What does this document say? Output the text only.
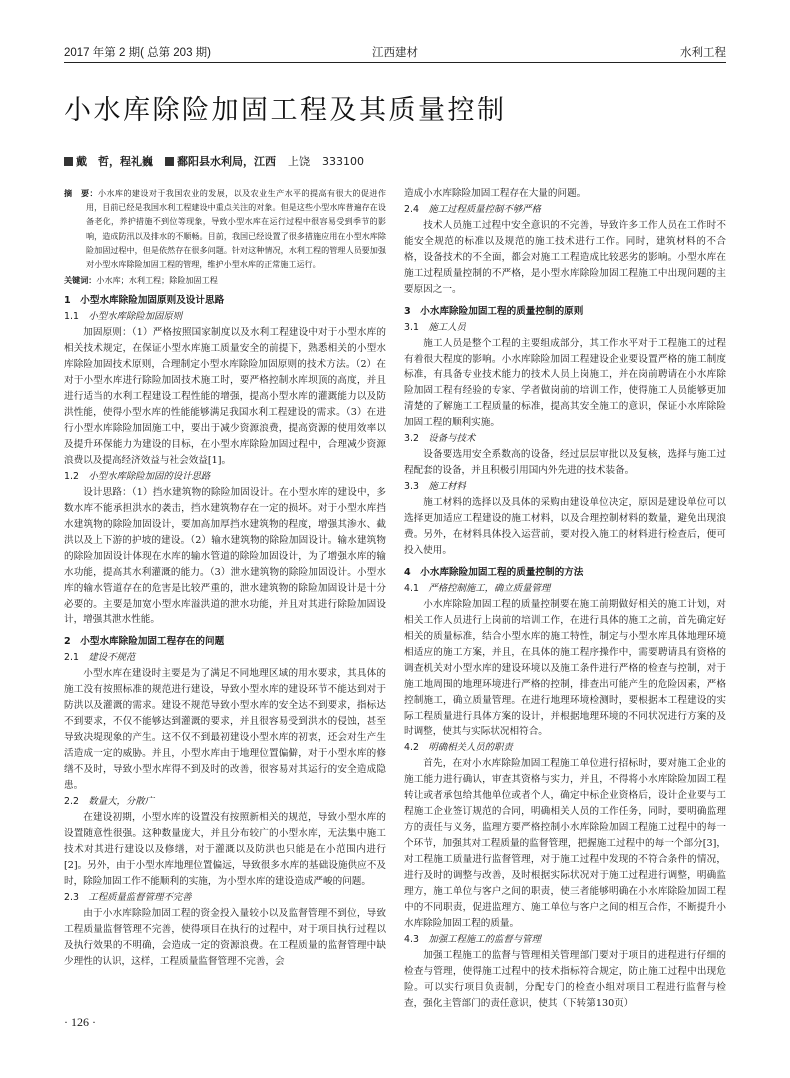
2017 年第 2 期( 总第 203 期)	江西建材	水利工程
小水库除险加固工程及其质量控制
戴　哲，程礼巍 鄱阳县水利局，江西 上饶 333100
摘　要：小水库的建设对于我国农业的发展，以及农业生产水平的提高有很大的促进作用，目前已经是我国水利工程建设中重点关注的对象。但是这些小型水库普遍存在设备老化，养护措施不到位等现象，导致小型水库在运行过程中很容易受到季节的影响，造成防汛以及排水的不顺畅。目前，我国已经设置了很多措施应用在小型水库除险加固过程中，但是依然存在很多问题。针对这种情况，水利工程的管理人员要加强对小型水库除险加固工程的管理，维护小型水库的正常施工运行。
关键词：小水库；水利工程；除险加固工程
1　小型水库除险加固原则及设计思路
1.1　 小型水库除险加固原则

加固原则：（1）严格按照国家制度以及水利工程建设中对于小型水库的相关技术规定，在保证小型水库施工质量安全的前提下，熟悉相关的小型水库除险加固技术原则，合理制定小型水库除险加固原则的技术方法。（2）在对于小型水库进行除险加固技术施工时，要严格控制水库坝顶的高度，并且进行适当的水利工程建设工程性能的增强，提高小型水库的灌溉能力以及防洪性能，使得小型水库的性能能够满足我国水利工程建设的需求。（3）在进行小型水库除险加固施工中，要出于减少资源浪费，提高资源的使用效率以及提升环保能力为建设的目标，在小型水库除险加固过程中，合理减少资源浪费以及提高经济效益与社会效益[1]。

1.2　 小型水库除险加固的设计思路

设计思路：（1）挡水建筑物的除险加固设计。在小型水库的建设中，多数水库不能承担洪水的袭击，挡水建筑物存在一定的损坏。对于小型水库挡水建筑物的除险加固设计，要加高加厚挡水建筑物的程度，增强其渗水、截洪以及上下游的护坡的建设。（2）输水建筑物的除险加固设计。输水建筑物的除险加固设计体现在水库的输水管道的除险加固设计，为了增强水库的输水功能，提高其水利灌溉的能力。（3）泄水建筑物的除险加固设计。小型水库的输水管道存在的危害是比较严重的，泄水建筑物的除险加固设计是十分必要的。主要是加宽小型水库溢洪道的泄水功能，并且对其进行除险加固设计，增强其泄水性能。

2　小型水库除险加固工程存在的问题
2.1　 建设不规范

小型水库在建设时主要是为了满足不同地理区域的用水要求，其具体的施工没有按照标准的规范进行建设，导致小型水库的建设环节不能达到对于防洪以及灌溉的需求。建设不规范导致小型水库的安全达不到要求，指标达不到要求，不仅不能够达到灌溉的要求，并且很容易受到洪水的侵蚀，甚至导致决堤现象的产生。这不仅不到最初建设小型水库的初衷，还会对生产生活造成一定的威胁。并且，小型水库由于地理位置偏僻，对于小型水库的修缮不及时，导致小型水库得不到及时的改善，很容易对其运行的安全造成隐患。

2.2　 数量大，分散广

在建设初期，小型水库的设置没有按照新相关的规范，导致小型水库的设置随意性很强。这种数量庞大，并且分布较广的小型水库，无法集中施工技术对其进行建设以及修缮，对于灌溉以及防洪也只能是在小范围内进行[2]。另外，由于小型水库地理位置偏远，导致很多水库的基础设施供应不及时，除险加固工作不能顺利的实施，为小型水库的建设造成严峻的问题。

2.3　 工程质量监督管理不完善

由于小水库除险加固工程的资金投入量较小以及监督管理不到位，导致工程质量监督管理不完善，使得项目在执行的过程中，对于项目执行过程以及执行效果的不明确，会造成一定的资源浪费。在工程质量的监督管理中缺少理性的认识，这样，工程质量监督管理不完善，会

造成小水库除险加固工程存在大量的问题。

2.4　 施工过程质量控制不够严格

技术人员施工过程中安全意识的不完善，导致许多工作人员在工作时不能安全规范的标准以及规范的施工技术进行工作。同时，建筑材料的不合格，设备技术的不全面，都会对施工工程造成比较恶劣的影响。小型水库在施工过程质量控制的不严格，是小型水库除险加固工程施工中出现问题的主要原因之一。

3　小水库除险加固工程的质量控制的原则
3.1　 施工人员

施工人员是整个工程的主要组成部分，其工作水平对于工程施工的过程有着很大程度的影响。小水库除险加固工程建设企业要设置严格的施工制度标准，有具备专业技术能力的技术人员上岗施工，并在岗前聘请在小水库除险加固工程有经验的专家、学者做岗前的培训工作，使得施工人员能够更加清楚的了解施工工程质量的标准，提高其安全施工的意识，保证小水库除险加固工程的顺利实施。

3.2　 设备与技术

设备要选用安全系数高的设备，经过层层审批以及复核，选择与施工过程配套的设备，并且积极引用国内外先进的技术装备。

3.3　 施工材料

施工材料的选择以及具体的采购由建设单位决定，原因是建设单位可以选择更加适应工程建设的施工材料，以及合理控制材料的数量，避免出现浪费。另外，在材料具体投入运营前，要对投入施工的材料进行检查后，便可投入使用。

4　小水库除险加固工程的质量控制的方法
4.1　 严格控制施工，确立质量管理

小水库除险加固工程的质量控制要在施工前期做好相关的施工计划，对相关工作人员进行上岗前的培训工作，在进行具体的施工之前，首先确定好相关的质量标准，结合小型水库的施工特性，制定与小型水库具体地理环境相适应的施工方案，并且，在具体的施工程序操作中，需要聘请具有资格的调查机关对小型水库的建设环境以及施工条件进行严格的检查与控制，对于施工地周围的地理环境进行严格的控制，排查出可能产生的危险因素，严格控制施工，确立质量管理。在进行地理环境检测时，要根据本工程建设的实际工程质量进行具体方案的设计，并根据地理环境的不同状况进行方案的及时调整，使其与实际状况相符合。

4.2　 明确相关人员的职责

首先，在对小水库除险加固工程施工单位进行招标时，要对施工企业的施工能力进行确认，审查其资格与实力，并且，不得将小水库除险加固工程转让或者承包给其他单位或者个人，确定中标企业资格后，设计企业要与工程施工企业签订规范的合同，明确相关人员的工作任务，同时，要明确监理方的责任与义务，监理方要严格控制小水库除险加固工程施工过程中的每一个环节，加强其对工程质量的监督管理，把握施工过程中的每一个部分[3]，对工程施工质量进行监督管理，对于施工过程中发现的不符合条件的情况，进行及时的调整与改善，及时根据实际状况对于施工过程进行调整，明确监理方，施工单位与客户之间的职责，使三者能够明确在小水库除险加固工程中的不同职责，促进监理方、施工单位与客户之间的相互合作，不断提升小水库除险加固工程的质量。

4.3　 加强工程施工的监督与管理

加强工程施工的监督与管理相关管理部门要对于项目的进程进行仔细的检查与管理，使得施工过程中的技术指标符合规定，防止施工过程中出现危险。可以实行项目负责制，分配专门的检查小组对项目工程进行监督与检查，强化主管部门的责任意识，使其（下转第130页）

· 126 ·
